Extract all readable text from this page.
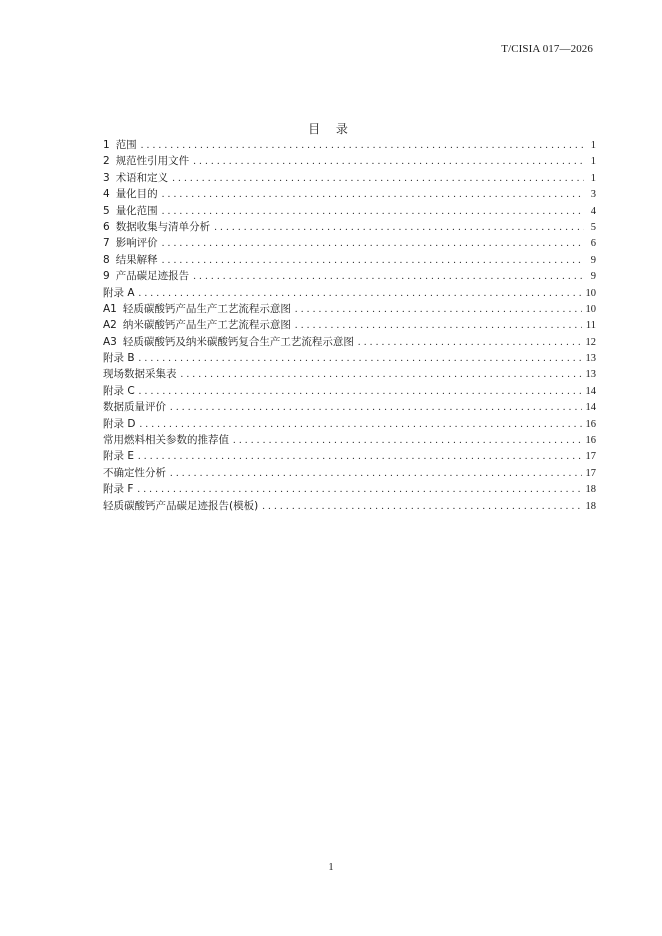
T/CISIA 017—2026
目 录
1 范围 . . .	1
2 规范性引用文件 . . .	1
3 术语和定义 . . .	1
4 量化目的 . . .	3
5 量化范围 . . .	4
6 数据收集与清单分析 . . .	5
7 影响评价 . . .	6
8 结果解释 . . .	9
9 产品碳足迹报告 . . .	9
附录 A . . .	10
A1 轻质碳酸钙产品生产工艺流程示意图 . . .	10
A2 纳米碳酸钙产品生产工艺流程示意图 . . .	11
A3 轻质碳酸钙及纳米碳酸钙复合生产工艺流程示意图 . . .	12
附录 B . . .	13
现场数据采集表 . . .	13
附录 C . . .	14
数据质量评价 . . .	14
附录 D . . .	16
常用燃料相关参数的推荐值 . . .	16
附录 E . . .	17
不确定性分析 . . .	17
附录 F . . .	18
轻质碳酸钙产品碳足迹报告(模板) . . .	18
1
